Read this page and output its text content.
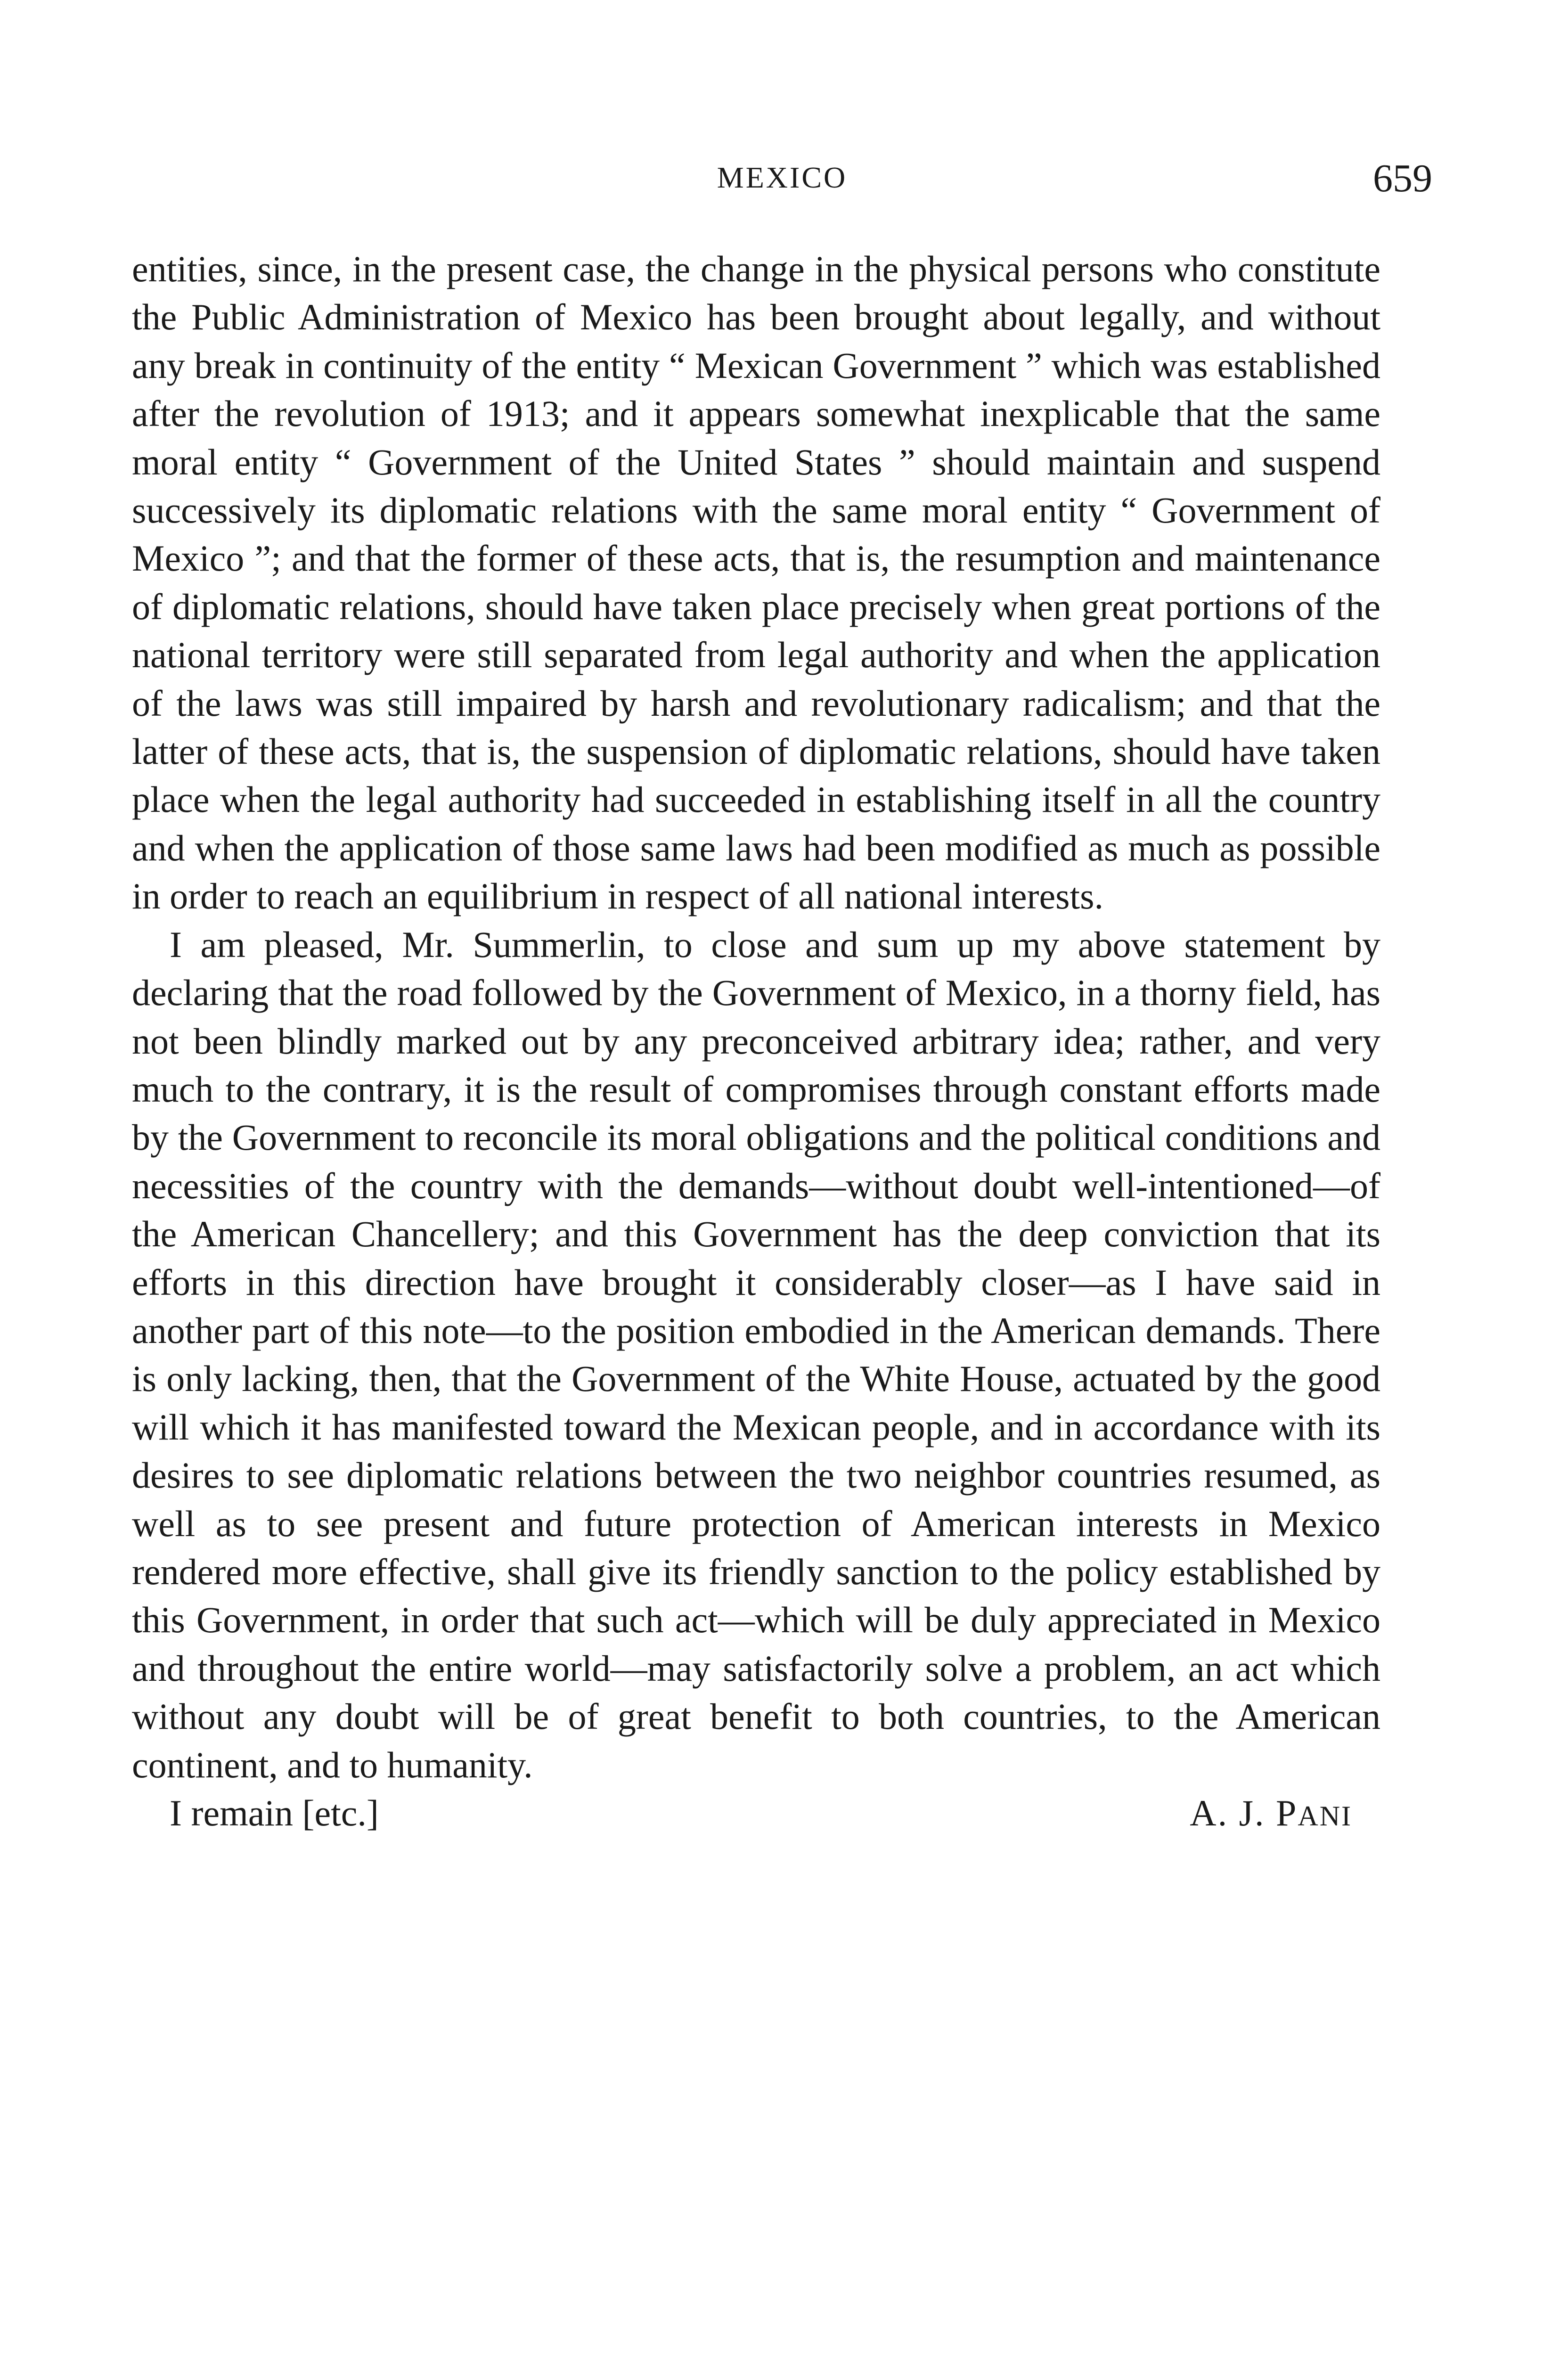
MEXICO	659

entities, since, in the present case, the change in the physical persons who constitute the Public Administration of Mexico has been brought about legally, and without any break in continuity of the entity “ Mexican Government ” which was established after the revolution of 1913; and it appears somewhat inexplicable that the same moral entity “ Government of the United States ” should maintain and suspend successively its diplomatic relations with the same moral entity “ Government of Mexico ”; and that the former of these acts, that is, the resumption and maintenance of diplomatic relations, should have taken place precisely when great portions of the national territory were still separated from legal authority and when the application of the laws was still impaired by harsh and revolutionary radicalism; and that the latter of these acts, that is, the suspension of diplomatic relations, should have taken place when the legal authority had succeeded in establishing itself in all the country and when the application of those same laws had been modified as much as possible in order to reach an equilibrium in respect of all national interests.

I am pleased, Mr. Summerlin, to close and sum up my above statement by declaring that the road followed by the Government of Mexico, in a thorny field, has not been blindly marked out by any preconceived arbitrary idea; rather, and very much to the contrary, it is the result of compromises through constant efforts made by the Government to reconcile its moral obligations and the political conditions and necessities of the country with the demands—without doubt well-intentioned—of the American Chancellery; and this Government has the deep conviction that its efforts in this direction have brought it considerably closer—as I have said in another part of this note—to the position embodied in the American demands. There is only lacking, then, that the Government of the White House, actuated by the good will which it has manifested toward the Mexican people, and in accordance with its desires to see diplomatic relations between the two neighbor countries resumed, as well as to see present and future protection of American interests in Mexico rendered more effective, shall give its friendly sanction to the policy established by this Government, in order that such act—which will be duly appreciated in Mexico and throughout the entire world—may satisfactorily solve a problem, an act which without any doubt will be of great benefit to both countries, to the American continent, and to humanity.

I remain [etc.]	A. J. PANI
